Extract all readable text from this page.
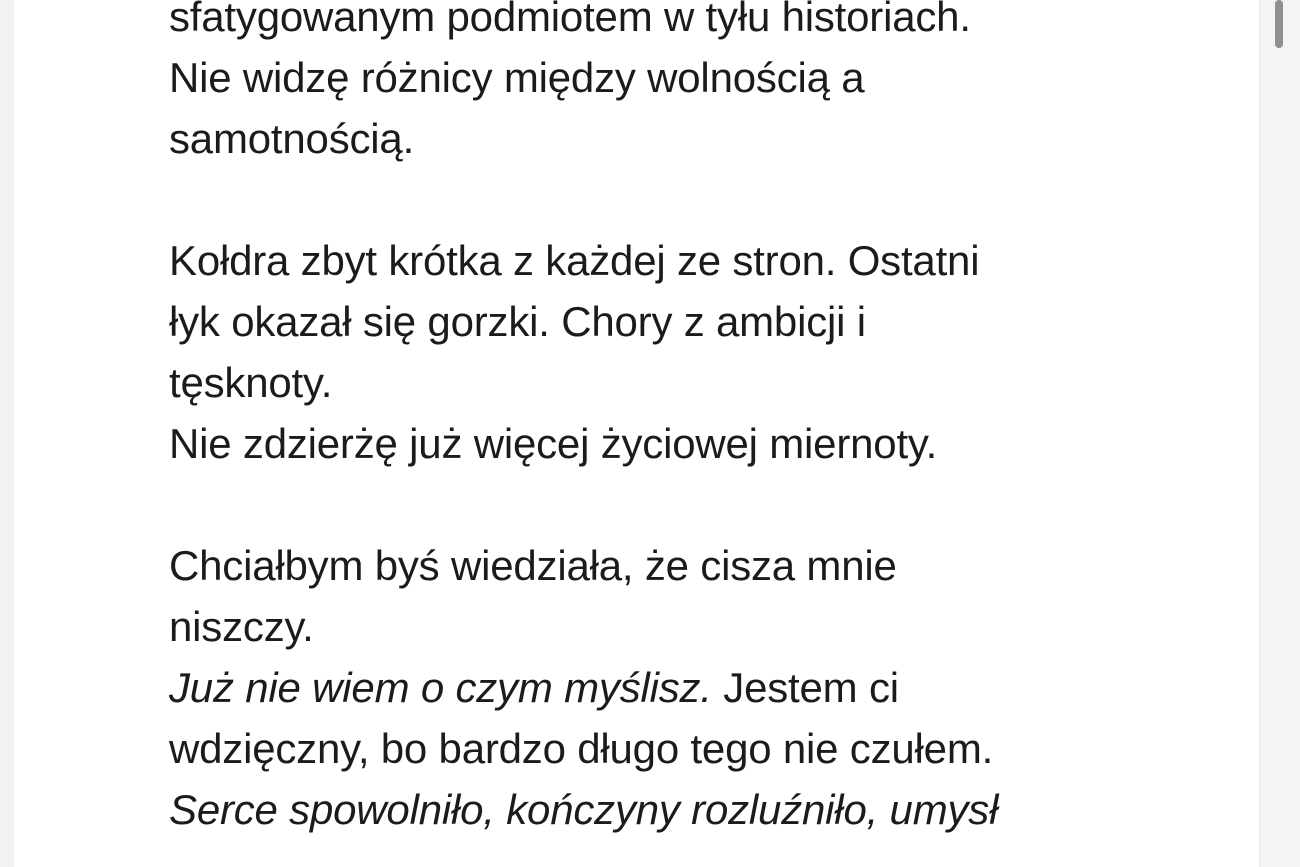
sfatygowanym podmiotem w tyłu historiach.
Nie widzę różnicy między wolnością a
samotnością.

Kołdra zbyt krótka z każdej ze stron. Ostatni
łyk okazał się gorzki. Chory z ambicji i
tęsknoty.
Nie zdzierżę już więcej życiowej miernoty.

Chciałbym byś wiedziała, że cisza mnie
niszczy.
Już nie wiem o czym myślisz. Jestem ci
wdzięczny, bo bardzo długo tego nie czułem.
Serce spowolniło, kończyny rozluźniło, umysł
